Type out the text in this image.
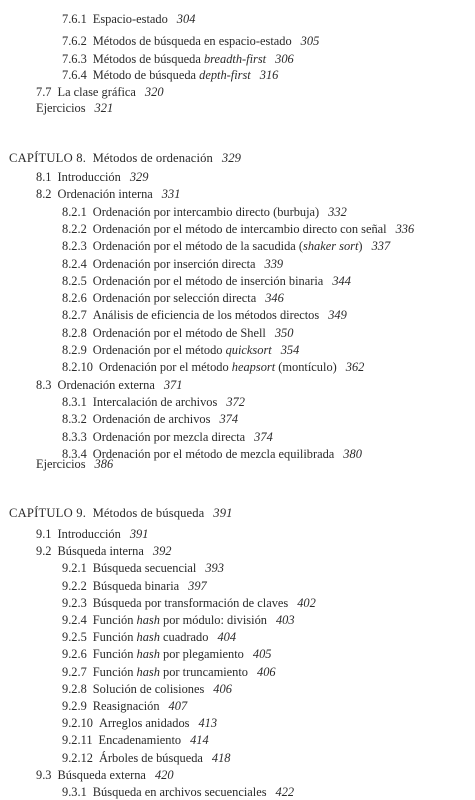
7.6.1 Espacio-estado 304
7.6.2 Métodos de búsqueda en espacio-estado 305
7.6.3 Métodos de búsqueda breadth-first 306
7.6.4 Método de búsqueda depth-first 316
7.7 La clase gráfica 320
Ejercicios 321
CAPÍTULO 8. Métodos de ordenación 329
8.1 Introducción 329
8.2 Ordenación interna 331
8.2.1 Ordenación por intercambio directo (burbuja) 332
8.2.2 Ordenación por el método de intercambio directo con señal 336
8.2.3 Ordenación por el método de la sacudida (shaker sort) 337
8.2.4 Ordenación por inserción directa 339
8.2.5 Ordenación por el método de inserción binaria 344
8.2.6 Ordenación por selección directa 346
8.2.7 Análisis de eficiencia de los métodos directos 349
8.2.8 Ordenación por el método de Shell 350
8.2.9 Ordenación por el método quicksort 354
8.2.10 Ordenación por el método heapsort (montículo) 362
8.3 Ordenación externa 371
8.3.1 Intercalación de archivos 372
8.3.2 Ordenación de archivos 374
8.3.3 Ordenación por mezcla directa 374
8.3.4 Ordenación por el método de mezcla equilibrada 380
Ejercicios 386
CAPÍTULO 9. Métodos de búsqueda 391
9.1 Introducción 391
9.2 Búsqueda interna 392
9.2.1 Búsqueda secuencial 393
9.2.2 Búsqueda binaria 397
9.2.3 Búsqueda por transformación de claves 402
9.2.4 Función hash por módulo: división 403
9.2.5 Función hash cuadrado 404
9.2.6 Función hash por plegamiento 405
9.2.7 Función hash por truncamiento 406
9.2.8 Solución de colisiones 406
9.2.9 Reasignación 407
9.2.10 Arreglos anidados 413
9.2.11 Encadenamiento 414
9.2.12 Árboles de búsqueda 418
9.3 Búsqueda externa 420
9.3.1 Búsqueda en archivos secuenciales 422
